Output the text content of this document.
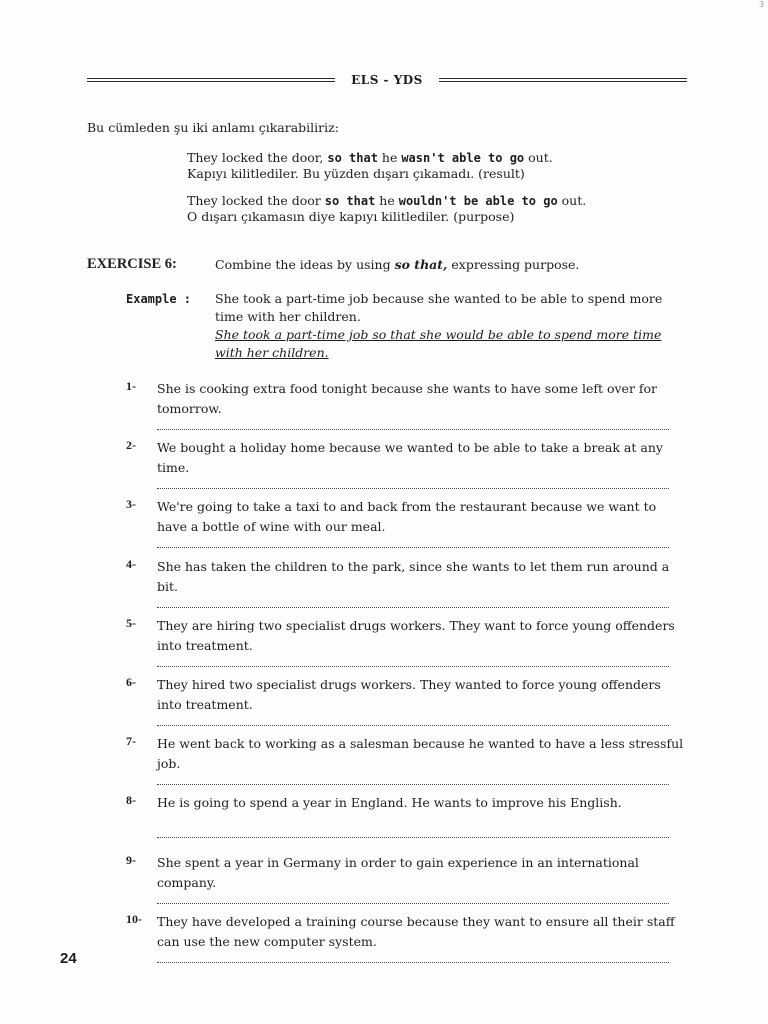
3
ELS - YDS
Bu cümleden şu iki anlamı çıkarabiliriz:
They locked the door, so that he wasn't able to go out.
Kapıyı kilitlediler. Bu yüzden dışarı çıkamadı. (result)
They locked the door so that he wouldn't be able to go out.
O dışarı çıkamasın diye kapıyı kilitlediler. (purpose)
EXERCISE 6:	Combine the ideas by using so that, expressing purpose.
Example : She took a part-time job because she wanted to be able to spend more time with her children.
She took a part-time job so that she would be able to spend more time with her children.
1- She is cooking extra food tonight because she wants to have some left over for tomorrow.
2- We bought a holiday home because we wanted to be able to take a break at any time.
3- We're going to take a taxi to and back from the restaurant because we want to have a bottle of wine with our meal.
4- She has taken the children to the park, since she wants to let them run around a bit.
5- They are hiring two specialist drugs workers. They want to force young offenders into treatment.
6- They hired two specialist drugs workers. They wanted to force young offenders into treatment.
7- He went back to working as a salesman because he wanted to have a less stressful job.
8- He is going to spend a year in England. He wants to improve his English.
9- She spent a year in Germany in order to gain experience in an international company.
10- They have developed a training course because they want to ensure all their staff can use the new computer system.
24
